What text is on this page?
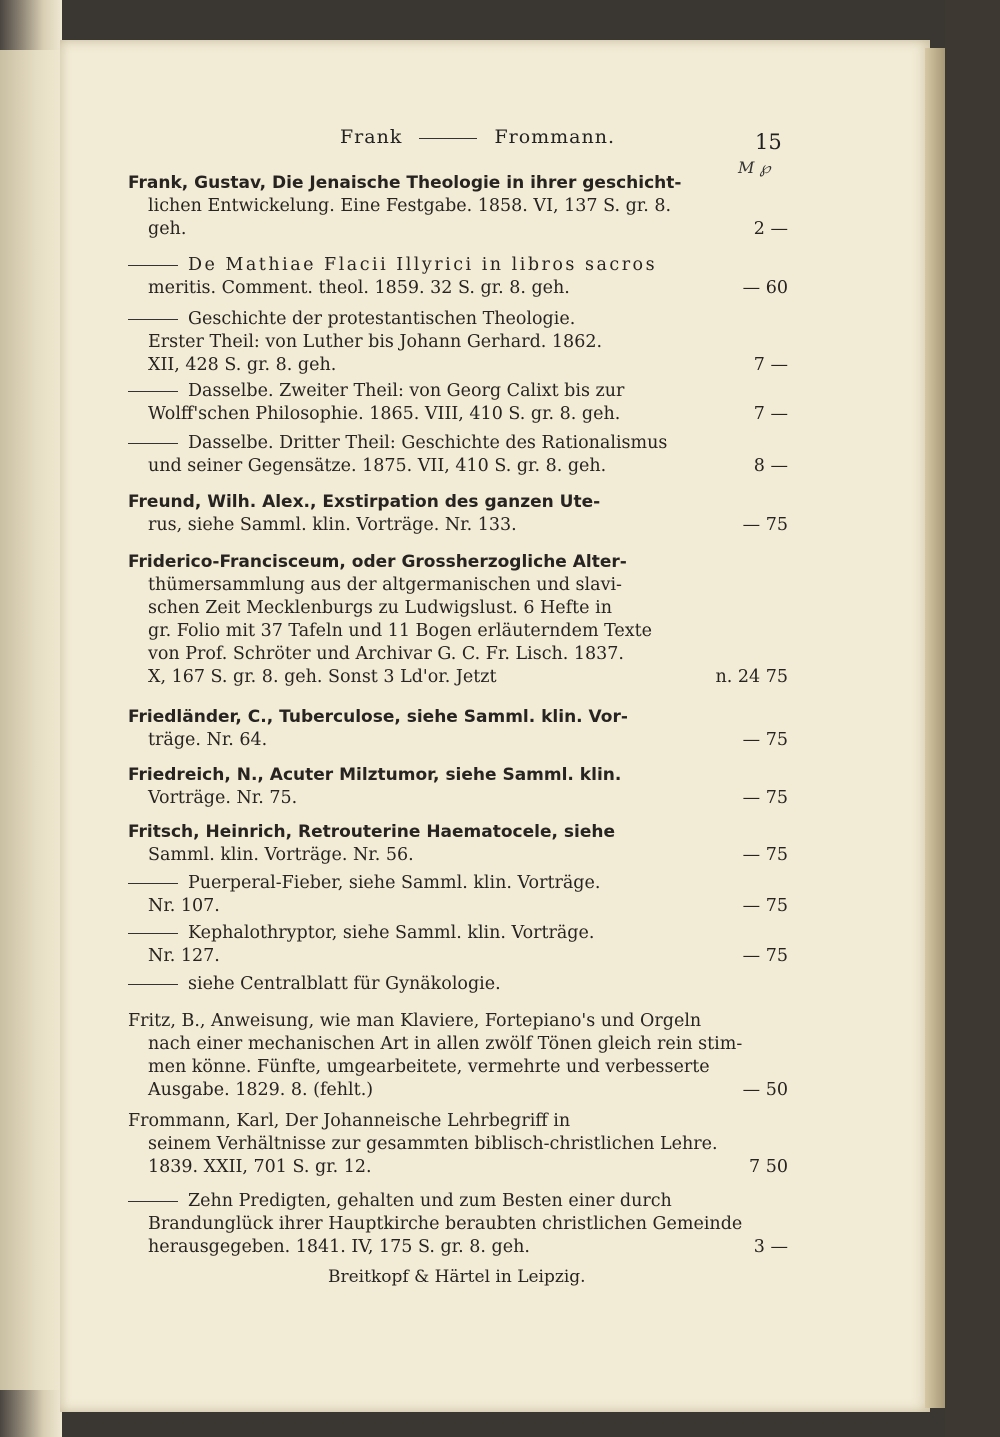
Frank	Frommann.	15
M ℘
Frank, Gustav, Die Jenaische Theologie in ihrer geschicht-
lichen Entwickelung. Eine Festgabe. 1858. VI, 137 S. gr. 8.
geh.	2 —
De Mathiae Flacii Illyrici in libros sacros
meritis. Comment. theol. 1859. 32 S. gr. 8. geh.	— 60
Geschichte der protestantischen Theologie.
Erster Theil: von Luther bis Johann Gerhard. 1862.
XII, 428 S. gr. 8. geh.	7 —
Dasselbe. Zweiter Theil: von Georg Calixt bis zur
Wolff'schen Philosophie. 1865. VIII, 410 S. gr. 8. geh.	7 —
Dasselbe. Dritter Theil: Geschichte des Rationalismus
und seiner Gegensätze. 1875. VII, 410 S. gr. 8. geh.	8 —
Freund, Wilh. Alex., Exstirpation des ganzen Ute-
rus, siehe Samml. klin. Vorträge. Nr. 133.	— 75
Friderico-Francisceum, oder Grossherzogliche Alter-
thümersammlung aus der altgermanischen und slavi-
schen Zeit Mecklenburgs zu Ludwigslust. 6 Hefte in
gr. Folio mit 37 Tafeln und 11 Bogen erläuterndem Texte
von Prof. Schröter und Archivar G. C. Fr. Lisch. 1837.
X, 167 S. gr. 8. geh. Sonst 3 Ld'or. Jetzt	n. 24 75
Friedländer, C., Tuberculose, siehe Samml. klin. Vor-
träge. Nr. 64.	— 75
Friedreich, N., Acuter Milztumor, siehe Samml. klin.
Vorträge. Nr. 75.	— 75
Fritsch, Heinrich, Retrouterine Haematocele, siehe
Samml. klin. Vorträge. Nr. 56.	— 75
Puerperal-Fieber, siehe Samml. klin. Vorträge.
Nr. 107.	— 75
Kephalothryptor, siehe Samml. klin. Vorträge.
Nr. 127.	— 75
siehe Centralblatt für Gynäkologie.
Fritz, B., Anweisung, wie man Klaviere, Fortepiano's und Orgeln
nach einer mechanischen Art in allen zwölf Tönen gleich rein stim-
men könne. Fünfte, umgearbeitete, vermehrte und verbesserte
Ausgabe. 1829. 8. (fehlt.)	— 50
Frommann, Karl, Der Johanneische Lehrbegriff in
seinem Verhältnisse zur gesammten biblisch-christlichen Lehre.
1839. XXII, 701 S. gr. 12.	7 50
Zehn Predigten, gehalten und zum Besten einer durch
Brandunglück ihrer Hauptkirche beraubten christlichen Gemeinde
herausgegeben. 1841. IV, 175 S. gr. 8. geh.	3 —
Breitkopf & Härtel in Leipzig.
